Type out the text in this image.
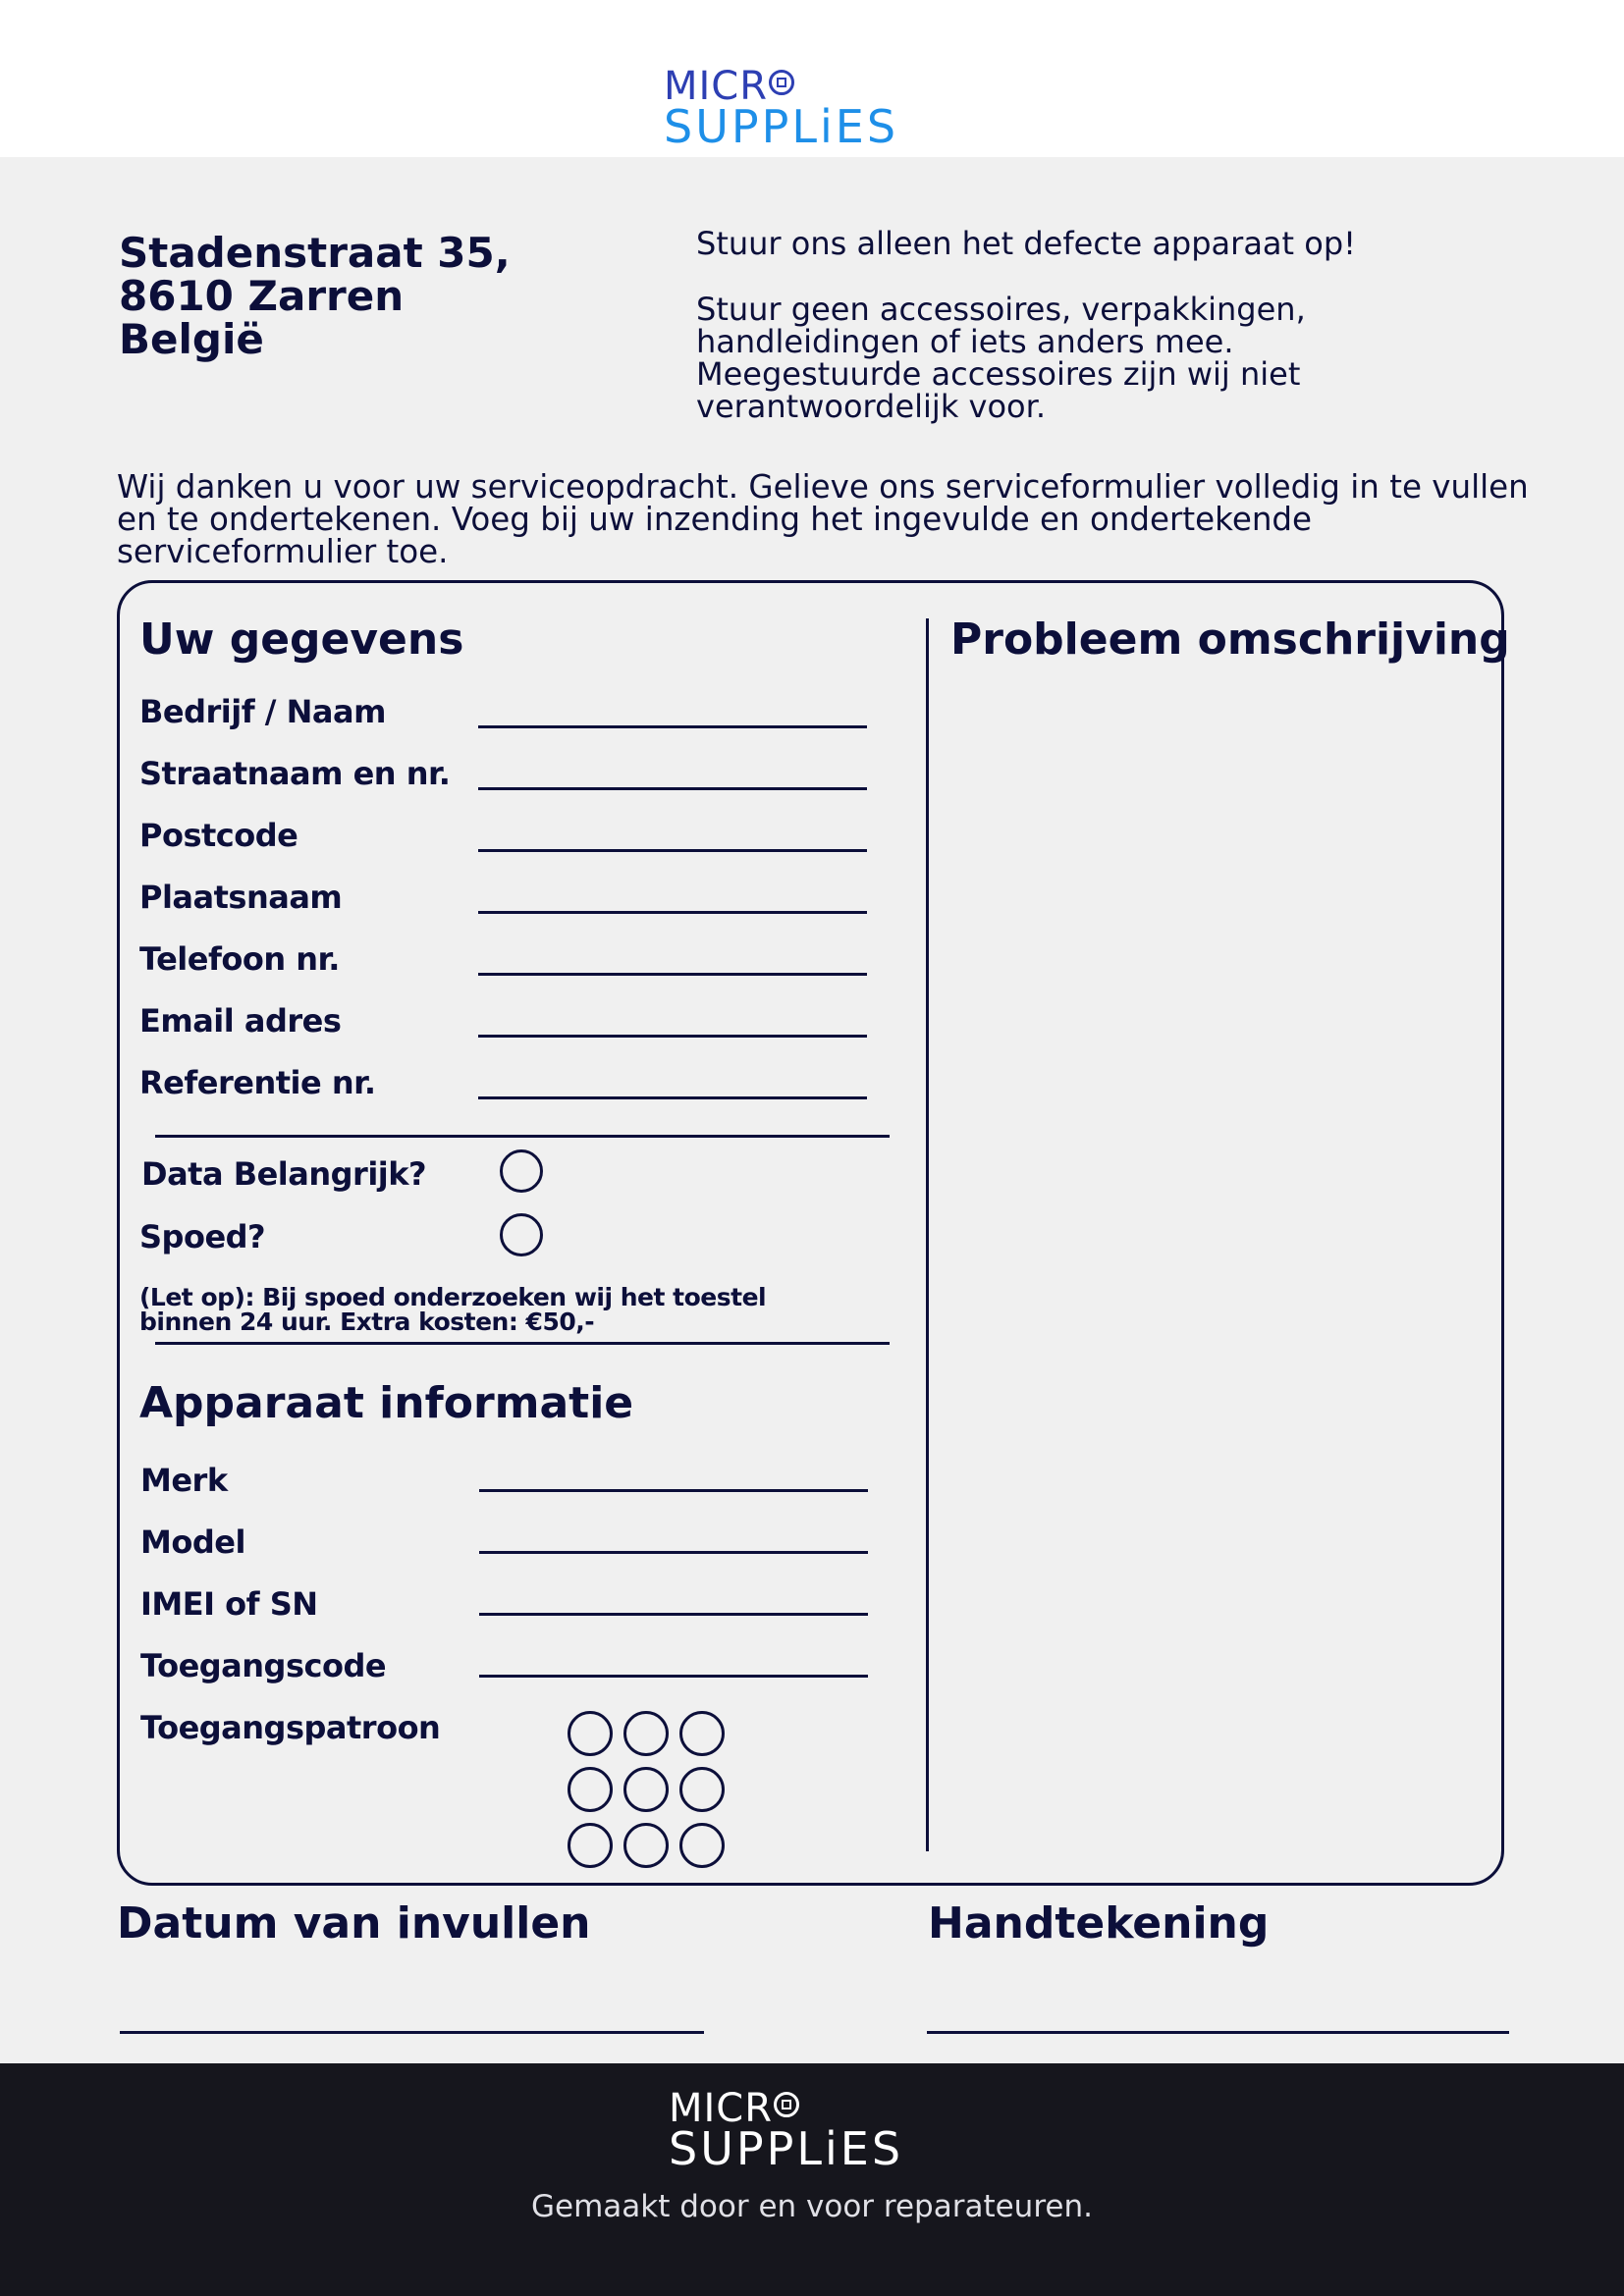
MICR
SUPPLiES
Stadenstraat 35,
8610 Zarren
België

Stuur ons alleen het defecte apparaat op!

Stuur geen accessoires, verpakkingen, handleidingen of iets anders mee. Meegestuurde accessoires zijn wij niet verantwoordelijk voor.

Wij danken u voor uw serviceopdracht. Gelieve ons serviceformulier volledig in te vullen en te ondertekenen. Voeg bij uw inzending het ingevulde en ondertekende serviceformulier toe.
Uw gegevens
Bedrijf / Naam
Straatnaam en nr.
Postcode
Plaatsnaam
Telefoon nr.
Email adres
Referentie nr.
Data Belangrijk?
Spoed?
(Let op): Bij spoed onderzoeken wij het toestel binnen 24 uur. Extra kosten: €50,-
Apparaat informatie
Merk
Model
IMEI of SN
Toegangscode
Toegangspatroon
Probleem omschrijving
Datum van invullen	Handtekening
MICR
SUPPLiES
Gemaakt door en voor reparateuren.
